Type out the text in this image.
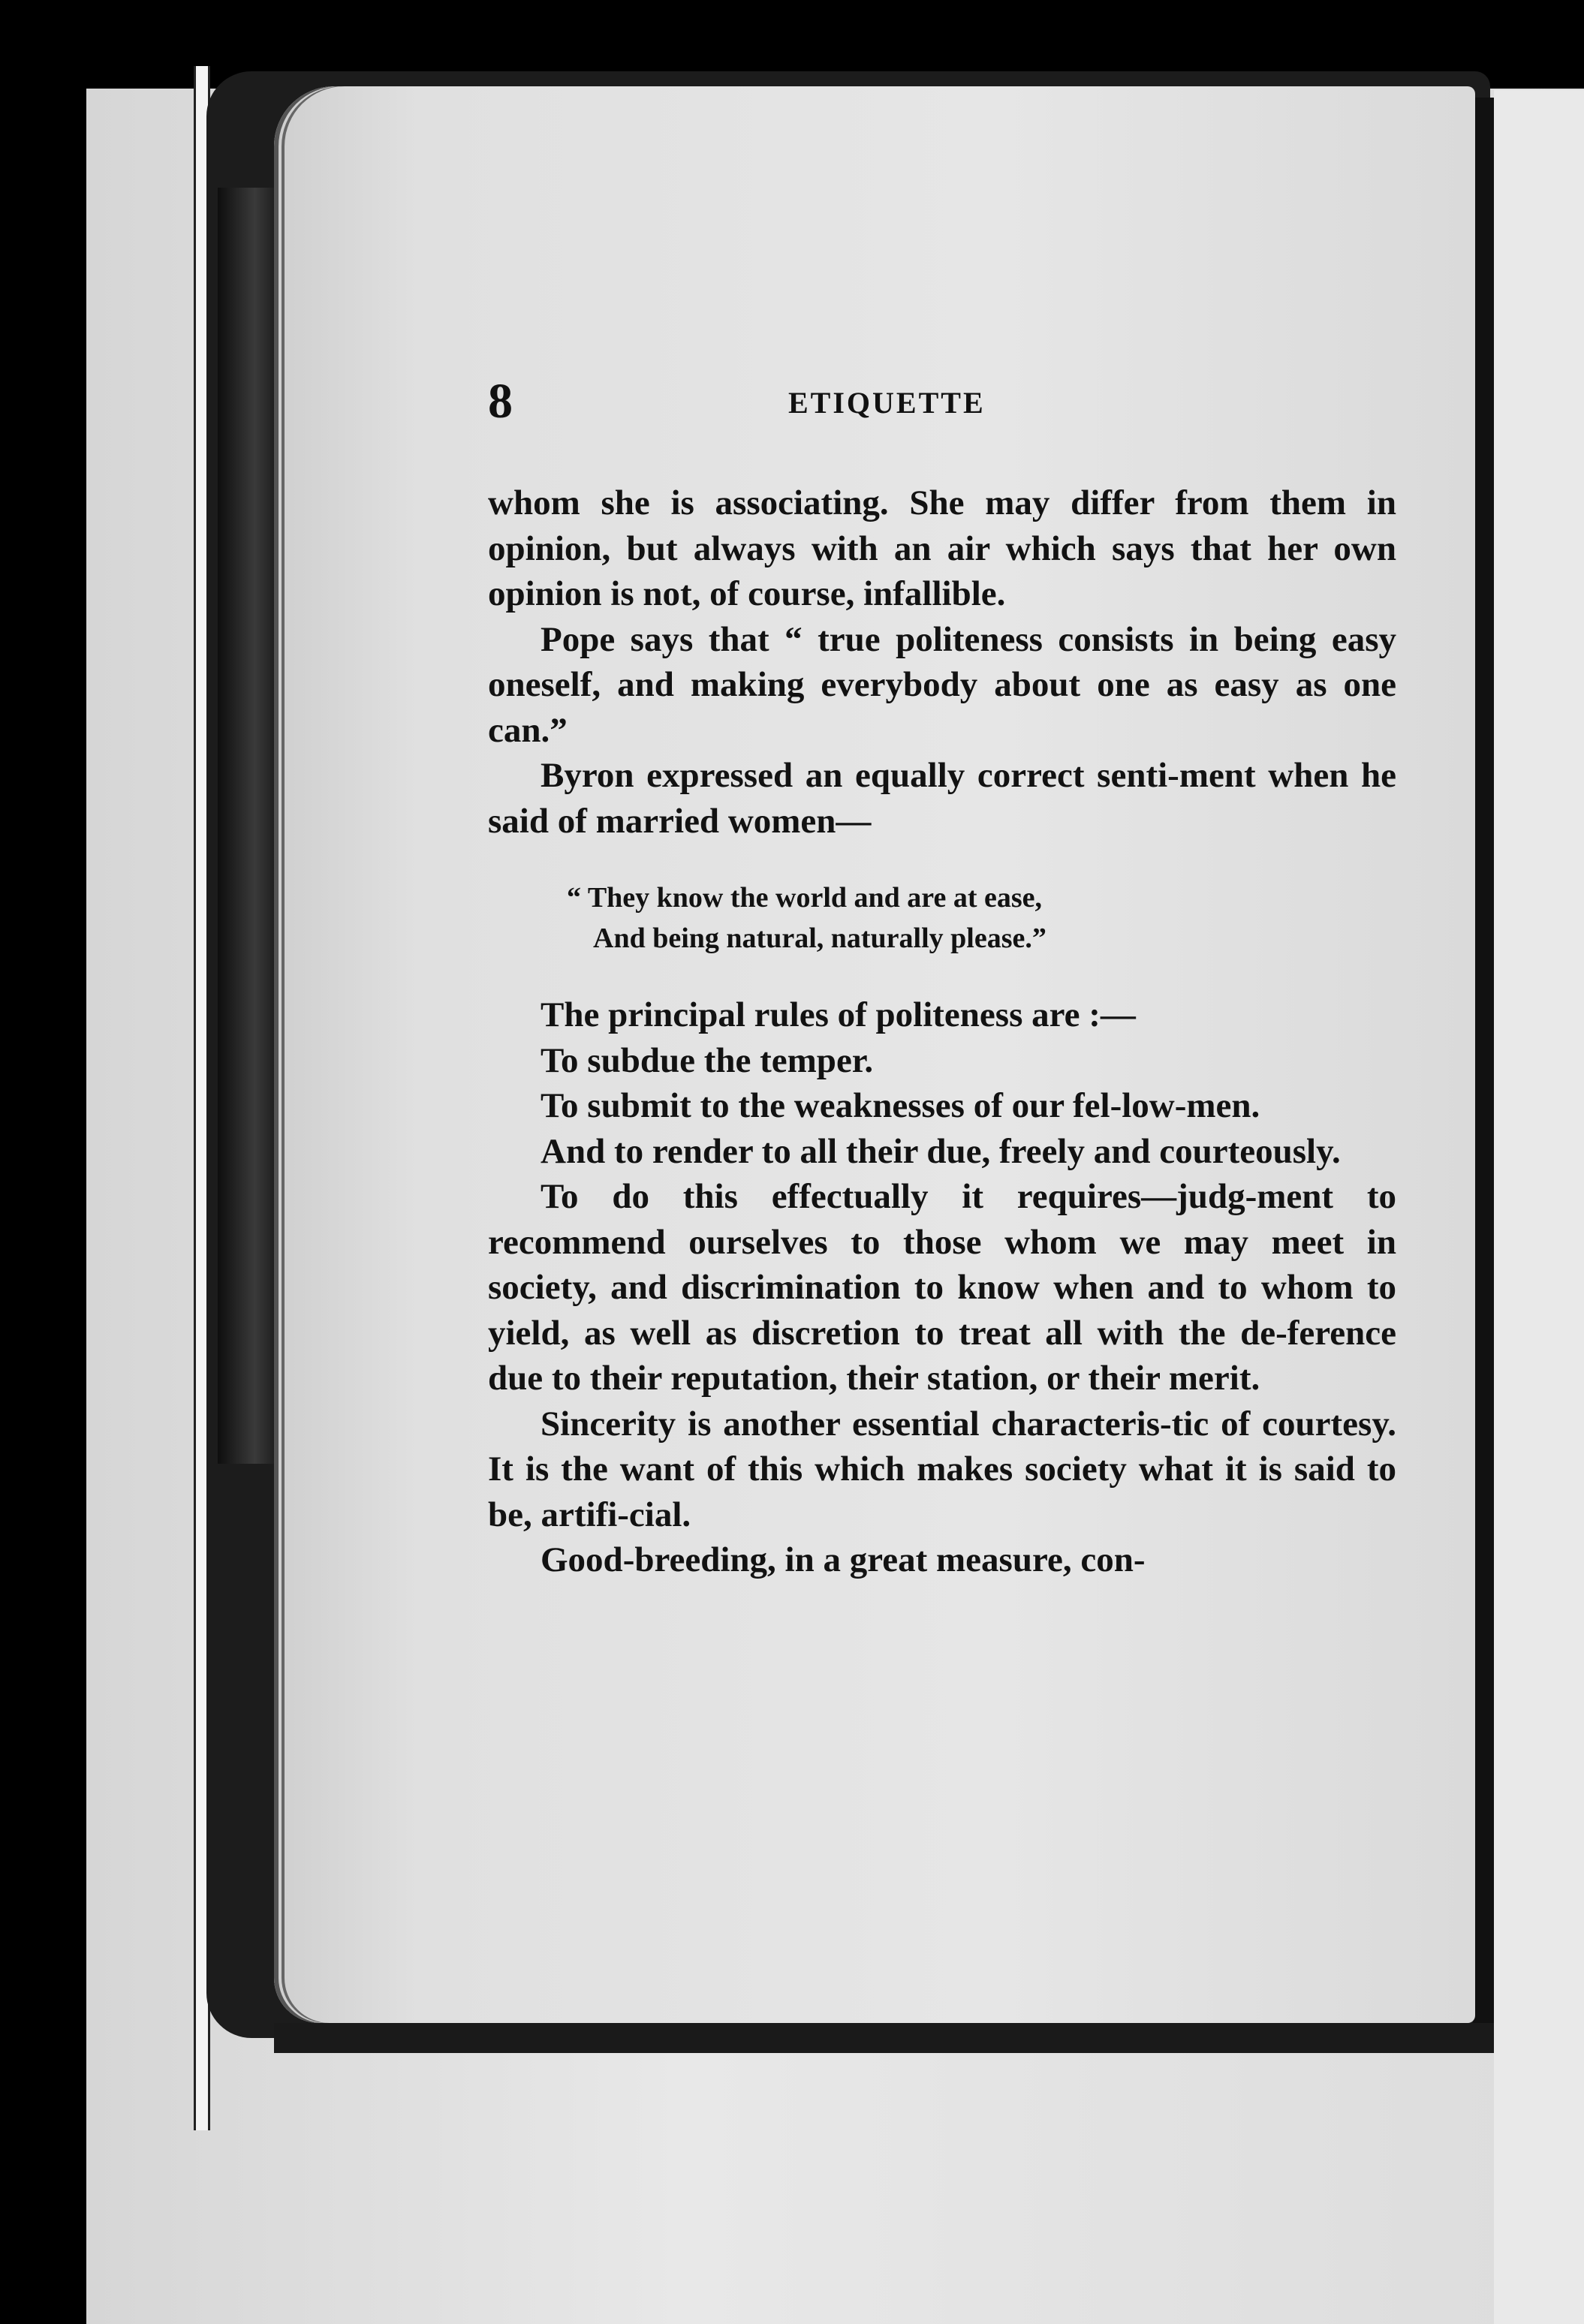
8	ETIQUETTE

whom she is associating. She may differ from them in opinion, but always with an air which says that her own opinion is not, of course, infallible.

Pope says that “ true politeness consists in being easy oneself, and making everybody about one as easy as one can.”

Byron expressed an equally correct senti-ment when he said of married women—

“ They know the world and are at ease,
And being natural, naturally please.”

The principal rules of politeness are :—

To subdue the temper.

To submit to the weaknesses of our fel-low-men.

And to render to all their due, freely and courteously.

To do this effectually it requires—judg-ment to recommend ourselves to those whom we may meet in society, and discrimination to know when and to whom to yield, as well as discretion to treat all with the de-ference due to their reputation, their station, or their merit.

Sincerity is another essential characteris-tic of courtesy. It is the want of this which makes society what it is said to be, artifi-cial.

Good-breeding, in a great measure, con-
